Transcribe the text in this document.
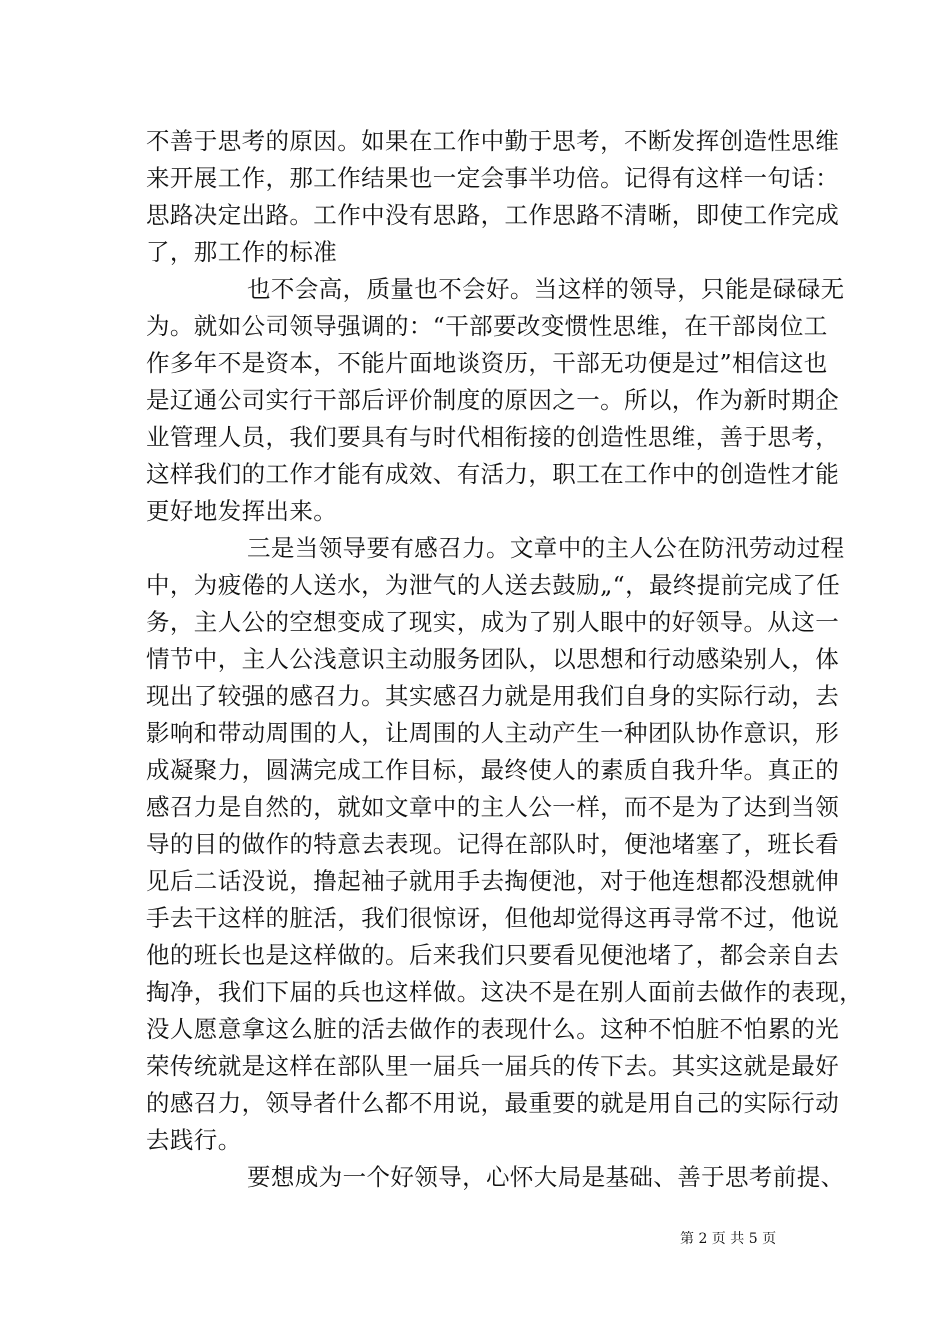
不善于思考的原因。如果在工作中勤于思考，不断发挥创造性思维
来开展工作，那工作结果也一定会事半功倍。记得有这样一句话：
思路决定出路。工作中没有思路，工作思路不清晰，即使工作完成
了，那工作的标准
也不会高，质量也不会好。当这样的领导，只能是碌碌无
为。就如公司领导强调的：“干部要改变惯性思维，在干部岗位工
作多年不是资本，不能片面地谈资历，干部无功便是过”相信这也
是辽通公司实行干部后评价制度的原因之一。所以，作为新时期企
业管理人员，我们要具有与时代相衔接的创造性思维，善于思考，
这样我们的工作才能有成效、有活力，职工在工作中的创造性才能
更好地发挥出来。
三是当领导要有感召力。文章中的主人公在防汛劳动过程
中，为疲倦的人送水，为泄气的人送去鼓励„“，最终提前完成了任
务，主人公的空想变成了现实，成为了别人眼中的好领导。从这一
情节中，主人公浅意识主动服务团队，以思想和行动感染别人，体
现出了较强的感召力。其实感召力就是用我们自身的实际行动，去
影响和带动周围的人，让周围的人主动产生一种团队协作意识，形
成凝聚力，圆满完成工作目标，最终使人的素质自我升华。真正的
感召力是自然的，就如文章中的主人公一样，而不是为了达到当领
导的目的做作的特意去表现。记得在部队时，便池堵塞了，班长看
见后二话没说，撸起袖子就用手去掏便池，对于他连想都没想就伸
手去干这样的脏活，我们很惊讶，但他却觉得这再寻常不过，他说
他的班长也是这样做的。后来我们只要看见便池堵了，都会亲自去
掏净，我们下届的兵也这样做。这决不是在别人面前去做作的表现，
没人愿意拿这么脏的活去做作的表现什么。这种不怕脏不怕累的光
荣传统就是这样在部队里一届兵一届兵的传下去。其实这就是最好
的感召力，领导者什么都不用说，最重要的就是用自己的实际行动
去践行。
要想成为一个好领导，心怀大局是基础、善于思考前提、
第 2 页 共 5 页
